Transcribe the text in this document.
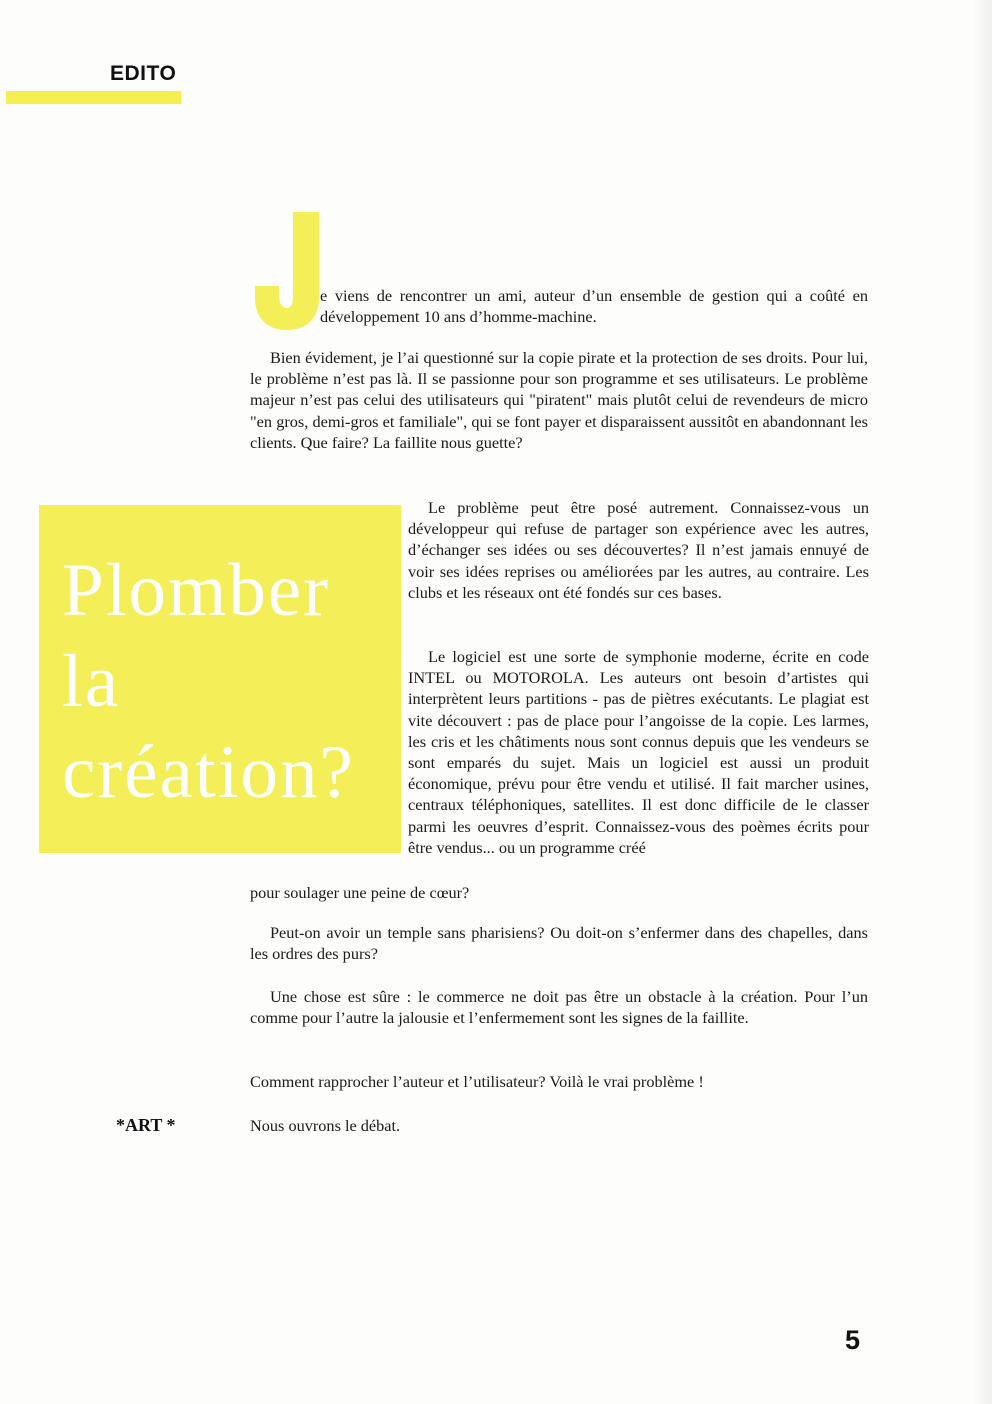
EDITO

e viens de rencontrer un ami, auteur d’un ensemble de gestion qui a coûté en développement 10 ans d’homme-machine.

Bien évidement, je l’ai questionné sur la copie pirate et la protection de ses droits. Pour lui, le problème n’est pas là. Il se passionne pour son programme et ses utilisateurs. Le problème majeur n’est pas celui des utilisateurs qui "piratent" mais plutôt celui de revendeurs de micro "en gros, demi-gros et familiale", qui se font payer et disparaissent aussitôt en abandonnant les clients. Que faire? La faillite nous guette?

Plomber
la
création?

Le problème peut être posé autrement. Connaissez-vous un développeur qui refuse de partager son expérience avec les autres, d’échanger ses idées ou ses découvertes? Il n’est jamais ennuyé de voir ses idées reprises ou améliorées par les autres, au contraire. Les clubs et les réseaux ont été fondés sur ces bases.

Le logiciel est une sorte de symphonie moderne, écrite en code INTEL ou MOTOROLA. Les auteurs ont besoin d’artistes qui interprètent leurs partitions - pas de piètres exécutants. Le plagiat est vite découvert : pas de place pour l’angoisse de la copie. Les larmes, les cris et les châtiments nous sont connus depuis que les vendeurs se sont emparés du sujet. Mais un logiciel est aussi un produit économique, prévu pour être vendu et utilisé. Il fait marcher usines, centraux téléphoniques, satellites. Il est donc difficile de le classer parmi les oeuvres d’esprit. Connaissez-vous des poèmes écrits pour être vendus... ou un programme créé

pour soulager une peine de cœur?

Peut-on avoir un temple sans pharisiens? Ou doit-on s’enfermer dans des chapelles, dans les ordres des purs?

Une chose est sûre : le commerce ne doit pas être un obstacle à la création. Pour l’un comme pour l’autre la jalousie et l’enfermement sont les signes de la faillite.

Comment rapprocher l’auteur et l’utilisateur? Voilà le vrai problème !

*ART *	Nous ouvrons le débat.

5
